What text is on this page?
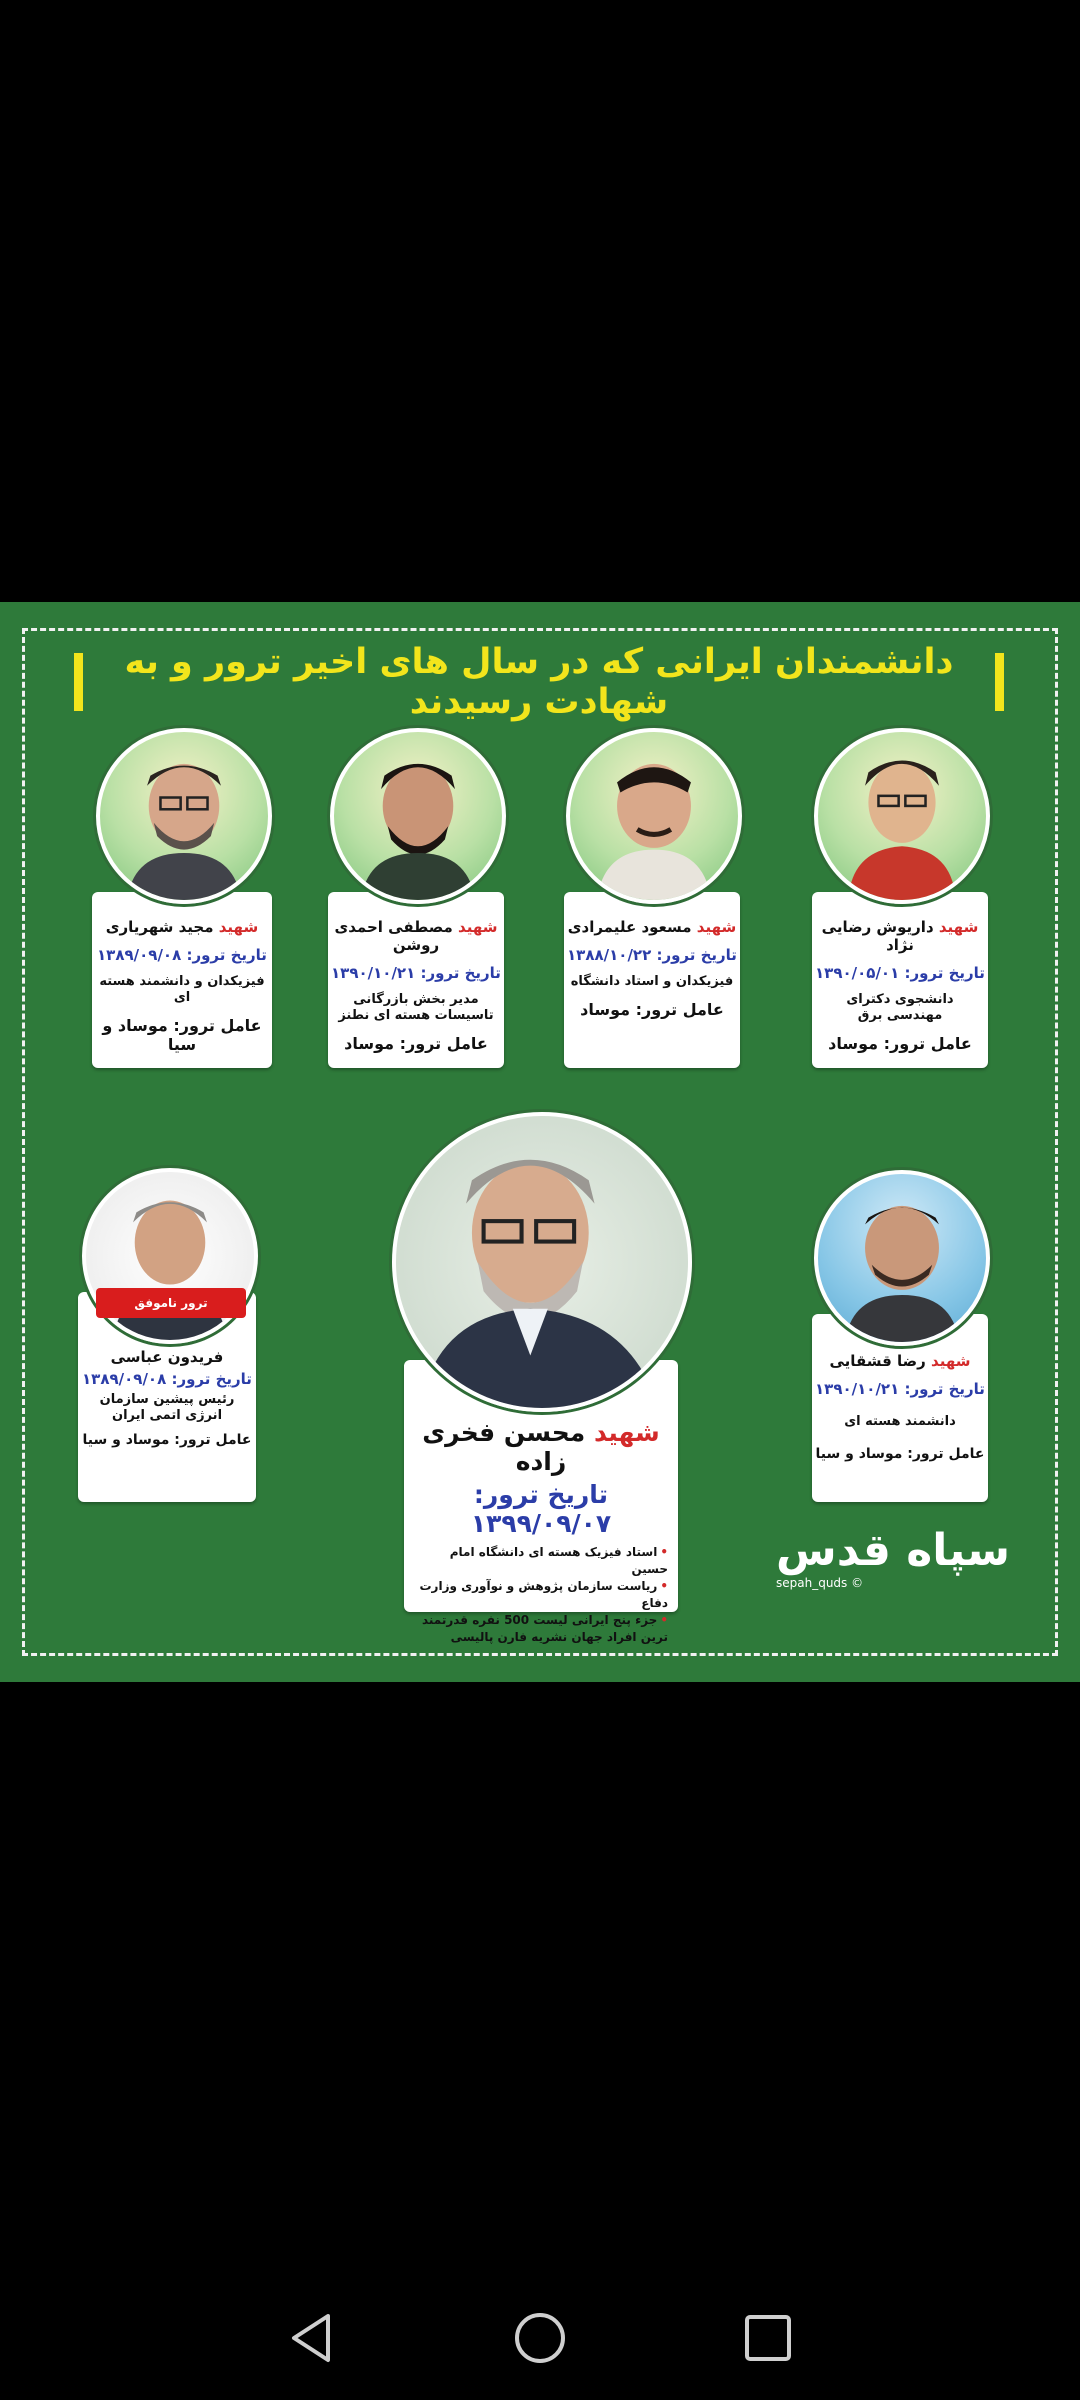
دانشمندان ایرانی که در سال های اخیر ترور و به شهادت رسیدند
شهید داریوش رضایی نژاد
تاریخ ترور: ۱۳۹۰/۰۵/۰۱
دانشجوی دکترای مهندسی برق
عامل ترور: موساد
شهید مسعود علیمرادی
تاریخ ترور: ۱۳۸۸/۱۰/۲۲
فیزیکدان و استاد دانشگاه
عامل ترور: موساد
شهید مصطفی احمدی روشن
تاریخ ترور: ۱۳۹۰/۱۰/۲۱
مدیر بخش بازرگانی تاسیسات هسته ای نطنز
عامل ترور: موساد
شهید مجید شهریاری
تاریخ ترور: ۱۳۸۹/۰۹/۰۸
فیزیکدان و دانشمند هسته ای
عامل ترور: موساد و سیا
فریدون عباسی
تاریخ ترور: ۱۳۸۹/۰۹/۰۸
رئیس پیشین سازمان انرژی اتمی ایران
عامل ترور: موساد و سیا
ترور ناموفق
شهید رضا قشقایی
تاریخ ترور: ۱۳۹۰/۱۰/۲۱
دانشمند هسته ای
عامل ترور: موساد و سیا
شهید محسن فخری زاده
تاریخ ترور: ۱۳۹۹/۰۹/۰۷
•استاد فیزیک هسته ای دانشگاه امام حسین
•ریاست سازمان پژوهش و نوآوری وزارت دفاع
•جزء پنج ایرانی لیست 500 نفره قدرتمند ترین افراد جهان نشریه فارن پالیسی
سپاه قدس
© sepah_quds
